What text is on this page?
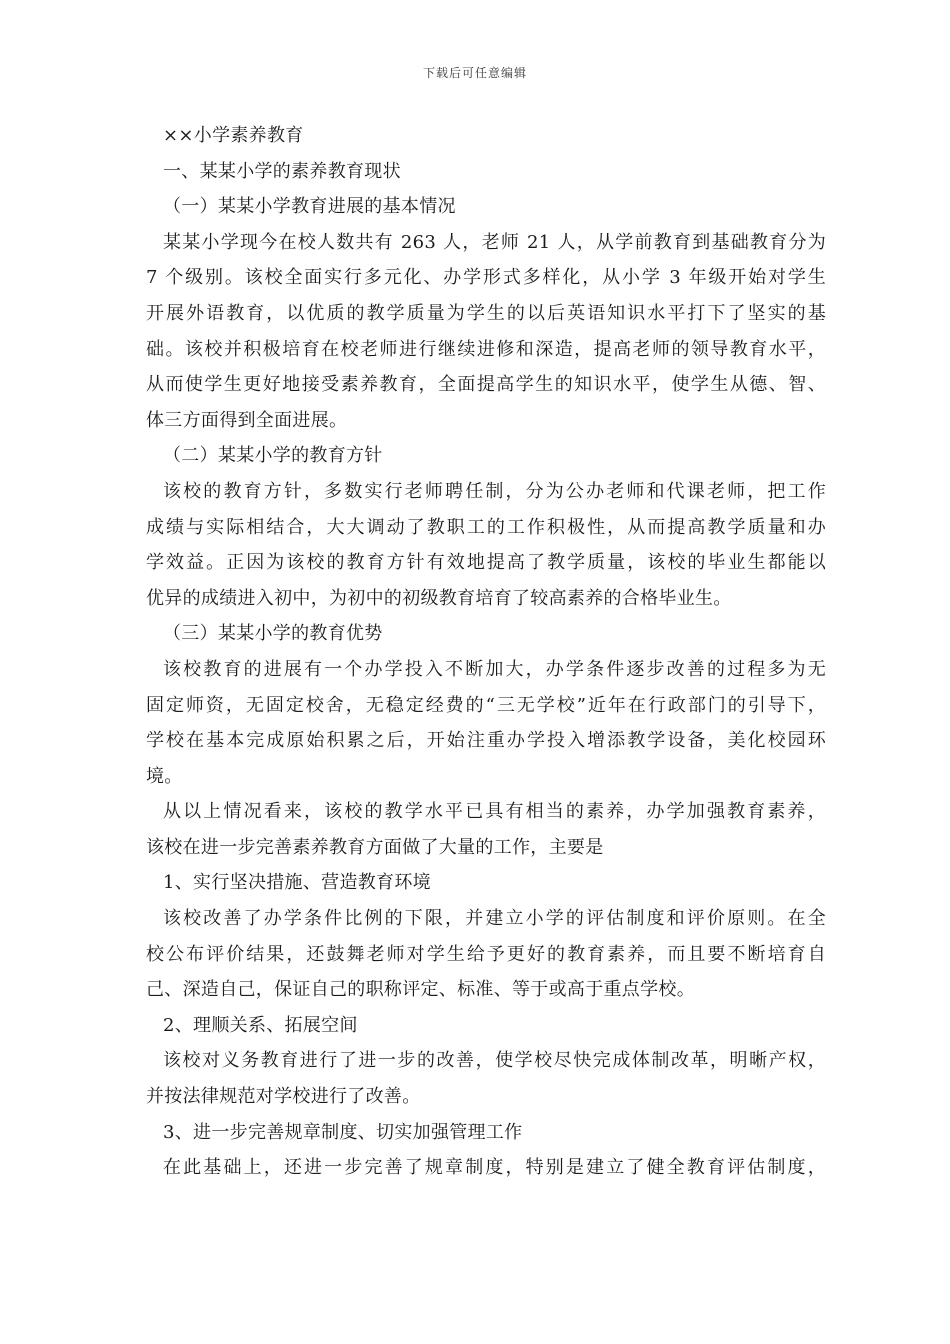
下载后可任意编辑
××小学素养教育
一、某某小学的素养教育现状
（一）某某小学教育进展的基本情况
某某小学现今在校人数共有 263 人，老师 21 人，从学前教育到基础教育分为
7 个级别。该校全面实行多元化、办学形式多样化，从小学 3 年级开始对学生
开展外语教育，以优质的教学质量为学生的以后英语知识水平打下了坚实的基
础。该校并积极培育在校老师进行继续进修和深造，提高老师的领导教育水平，
从而使学生更好地接受素养教育，全面提高学生的知识水平，使学生从德、智、
体三方面得到全面进展。
（二）某某小学的教育方针
该校的教育方针，多数实行老师聘任制，分为公办老师和代课老师，把工作
成绩与实际相结合，大大调动了教职工的工作积极性，从而提高教学质量和办
学效益。正因为该校的教育方针有效地提高了教学质量，该校的毕业生都能以
优异的成绩进入初中，为初中的初级教育培育了较高素养的合格毕业生。
（三）某某小学的教育优势
该校教育的进展有一个办学投入不断加大，办学条件逐步改善的过程多为无
固定师资，无固定校舍，无稳定经费的“三无学校”近年在行政部门的引导下，
学校在基本完成原始积累之后，开始注重办学投入增添教学设备，美化校园环
境。
从以上情况看来，该校的教学水平已具有相当的素养，办学加强教育素养，
该校在进一步完善素养教育方面做了大量的工作，主要是
1、实行坚决措施、营造教育环境
该校改善了办学条件比例的下限，并建立小学的评估制度和评价原则。在全
校公布评价结果，还鼓舞老师对学生给予更好的教育素养，而且要不断培育自
己、深造自己，保证自己的职称评定、标准、等于或高于重点学校。
2、理顺关系、拓展空间
该校对义务教育进行了进一步的改善，使学校尽快完成体制改革，明晰产权，
并按法律规范对学校进行了改善。
3、进一步完善规章制度、切实加强管理工作
在此基础上，还进一步完善了规章制度，特别是建立了健全教育评估制度，
